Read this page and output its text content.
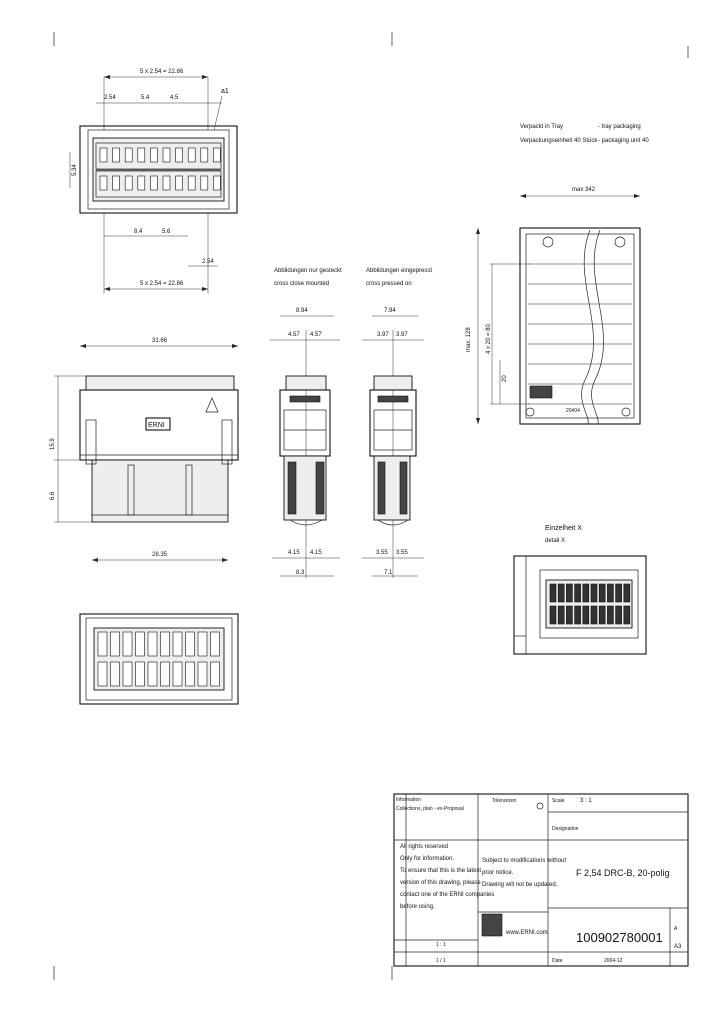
5 x 2.54 = 22.86
2.54	5.4	4.5
a1
5.34
8.4	5.6
2.54
5 x 2.54 = 22.86
31.66
ERNI
15.9
6.6
28.35
Abbildungen nur gesteckt
cross close mounted
8.94
4.57 4.57
4.15 4.15
8.3
Abbildungen eingepresst
cross pressed on
7.94
3.97 3.97
3.55 3.55
7.1
Verpackt in Tray	- tray packaging
Verpackungseinheit 40 Stück - packaging unit 40
max 342
20404
max. 128 4 x 20 = 80
20
Einzelheit X
detail X
Information
Collections, plan - ex-Proposal
Toleranzen	Scale	3 : 1
Designation
All rights reserved
Only for information.
To ensure that this is the latest
version of this drawing, please
contact one of the ERNI companies
before using.
Subject to modifications without
prior notice.
Drawing will not be updated.
F 2,54 DRC-B, 20-polig
www.ERNI.com 100902780001
A
A3
1 : 1
Date	2004-12
1 / 1
